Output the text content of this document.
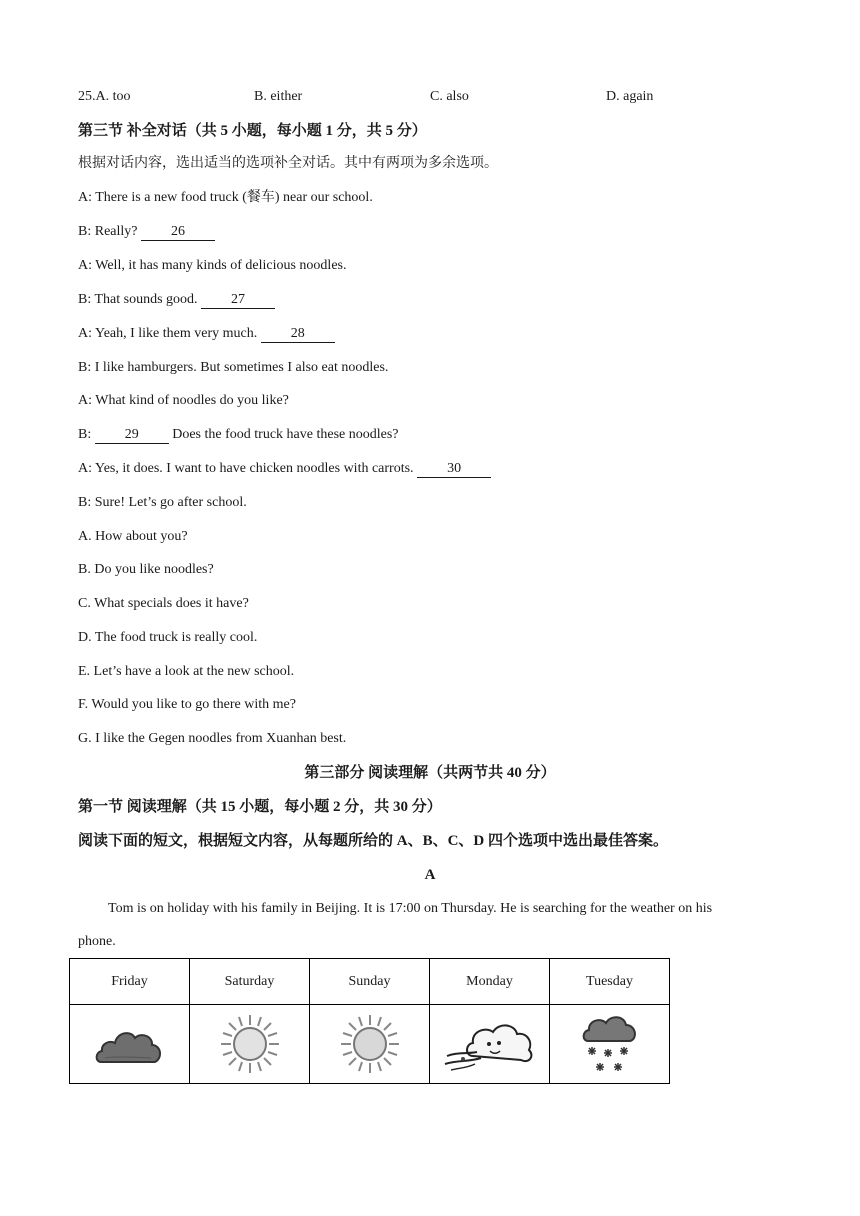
25.A. too	B. either	C. also	D. again
第三节 补全对话（共 5 小题，每小题 1 分，共 5 分）
根据对话内容，选出适当的选项补全对话。其中有两项为多余选项。
A: There is a new food truck (餐车) near our school.
B: Really? 26
A: Well, it has many kinds of delicious noodles.
B: That sounds good. 27
A: Yeah, I like them very much. 28
B: I like hamburgers. But sometimes I also eat noodles.
A: What kind of noodles do you like?
B: 29 Does the food truck have these noodles?
A: Yes, it does. I want to have chicken noodles with carrots. 30
B: Sure! Let’s go after school.
A. How about you?
B. Do you like noodles?
C. What specials does it have?
D. The food truck is really cool.
E. Let’s have a look at the new school.
F. Would you like to go there with me?
G. I like the Gegen noodles from Xuanhan best.
第三部分 阅读理解（共两节共 40 分）
第一节 阅读理解（共 15 小题，每小题 2 分，共 30 分）
阅读下面的短文，根据短文内容，从每题所给的 A、B、C、D 四个选项中选出最佳答案。
A
Tom is on holiday with his family in Beijing. It is 17:00 on Thursday. He is searching for the weather on his
phone.
Friday	Saturday	Sunday	Monday	Tuesday
